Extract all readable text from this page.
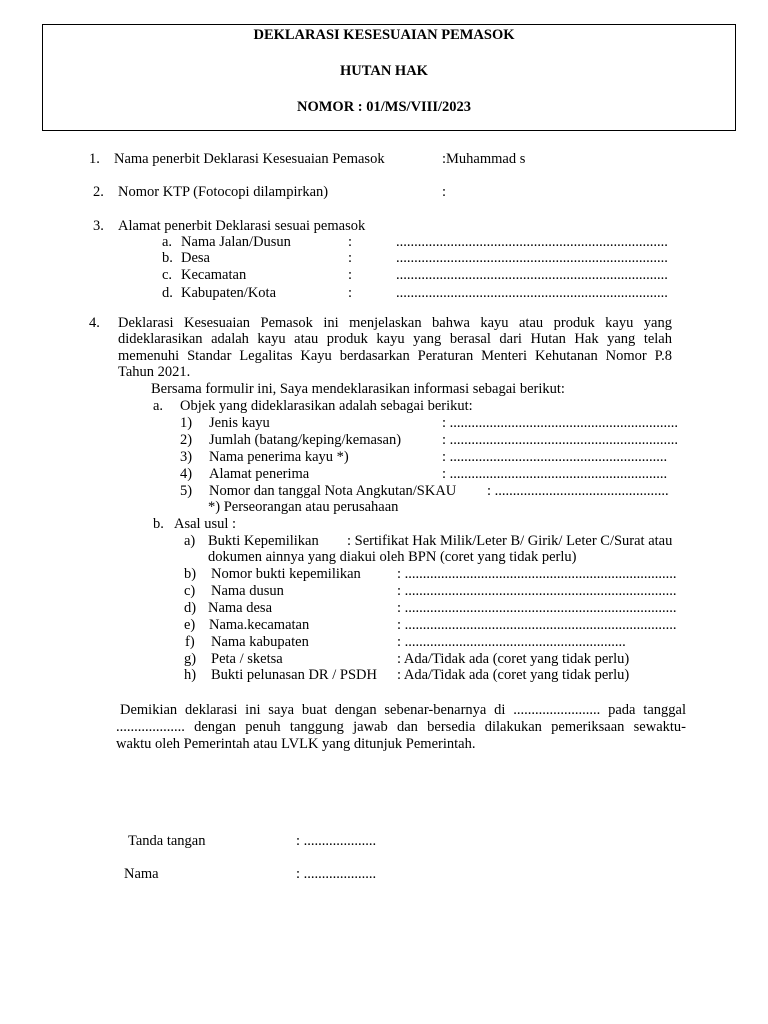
DEKLARASI KESESUAIAN PEMASOK
HUTAN HAK
NOMOR : 01/MS/VIII/2023
1. Nama penerbit Deklarasi Kesesuaian Pemasok	:Muhammad s
2. Nomor KTP (Fotocopi dilampirkan)	:
3. Alamat penerbit Deklarasi sesuai pemasok
a. Nama Jalan/Dusun	:	...........................................................................
b. Desa	:	...........................................................................
c. Kecamatan	:	...........................................................................
d. Kabupaten/Kota	:	...........................................................................
4. Deklarasi Kesesuaian Pemasok ini menjelaskan bahwa kayu atau produk kayu yang
dideklarasikan adalah kayu atau produk kayu yang berasal dari Hutan Hak yang telah
memenuhi Standar Legalitas Kayu berdasarkan Peraturan Menteri Kehutanan Nomor P.8
Tahun 2021.
Bersama formulir ini, Saya mendeklarasikan informasi sebagai berikut:
a. Objek yang dideklarasikan adalah sebagai berikut:
1) Jenis kayu	: ...............................................................
2) Jumlah (batang/keping/kemasan)	: ...............................................................
3) Nama penerima kayu *)	: ............................................................
4) Alamat penerima	: ............................................................
5) Nomor dan tanggal Nota Angkutan/SKAU : ................................................
*) Perseorangan atau perusahaan
b. Asal usul :
a) Bukti Kepemilikan : Sertifikat Hak Milik/Leter B/ Girik/ Leter C/Surat atau
dokumen ainnya yang diakui oleh BPN (coret yang tidak perlu)
b) Nomor bukti kepemilikan : ...........................................................................
c) Nama dusun	: ...........................................................................
d) Nama desa	: ...........................................................................
e) Nama.kecamatan	: ...........................................................................
f) Nama kabupaten	: .............................................................
g) Peta / sketsa	: Ada/Tidak ada (coret yang tidak perlu)
h) Bukti pelunasan DR / PSDH : Ada/Tidak ada (coret yang tidak perlu)
Demikian deklarasi ini saya buat dengan sebenar-benarnya di ........................ pada tanggal
................... dengan penuh tanggung jawab dan bersedia dilakukan pemeriksaan sewaktu-
waktu oleh Pemerintah atau LVLK yang ditunjuk Pemerintah.
Tanda tangan	: ....................
Nama	: ....................
